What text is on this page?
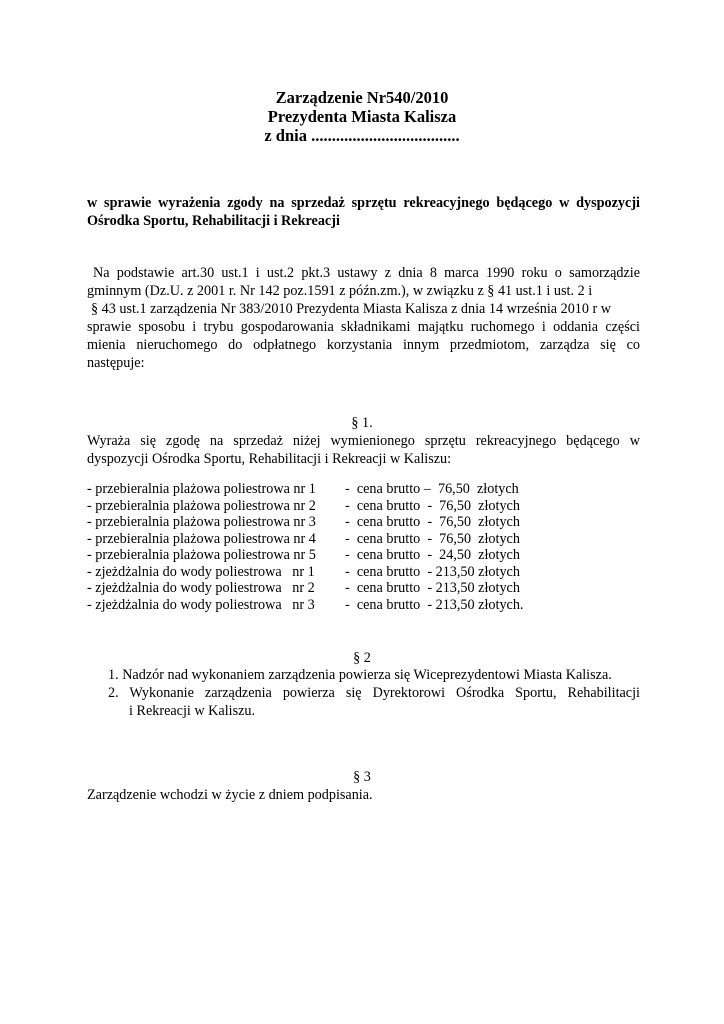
Zarządzenie Nr540/2010
Prezydenta Miasta Kalisza
z dnia ....................................
w sprawie wyrażenia zgody na sprzedaż sprzętu rekreacyjnego będącego w dyspozycji
Ośrodka Sportu, Rehabilitacji i Rekreacji
Na podstawie art.30 ust.1 i ust.2 pkt.3 ustawy z dnia 8 marca 1990 roku o samorządzie
gminnym (Dz.U. z 2001 r. Nr 142 poz.1591 z późn.zm.), w związku z § 41 ust.1 i ust. 2 i
§ 43 ust.1 zarządzenia Nr 383/2010 Prezydenta Miasta Kalisza z dnia 14 września 2010 r w
sprawie sposobu i trybu gospodarowania składnikami majątku ruchomego i oddania części
mienia nieruchomego do odpłatnego korzystania innym przedmiotom, zarządza się co
następuje:
§ 1.
Wyraża się zgodę na sprzedaż niżej wymienionego sprzętu rekreacyjnego będącego w
dyspozycji Ośrodka Sportu, Rehabilitacji i Rekreacji w Kaliszu:
- przebieralnia plażowa poliestrowa nr 1 -  cena brutto –  76,50  złotych
- przebieralnia plażowa poliestrowa nr 2 -  cena brutto  -  76,50  złotych
- przebieralnia plażowa poliestrowa nr 3 -  cena brutto  -  76,50  złotych
- przebieralnia plażowa poliestrowa nr 4 -  cena brutto  -  76,50  złotych
- przebieralnia plażowa poliestrowa nr 5 -  cena brutto  -  24,50  złotych
- zjeżdżalnia do wody poliestrowa   nr 1 -  cena brutto  - 213,50 złotych
- zjeżdżalnia do wody poliestrowa   nr 2 -  cena brutto  - 213,50 złotych
- zjeżdżalnia do wody poliestrowa   nr 3 -  cena brutto  - 213,50 złotych.
§ 2
1. Nadzór nad wykonaniem zarządzenia powierza się Wiceprezydentowi Miasta Kalisza.
2. Wykonanie zarządzenia powierza się Dyrektorowi Ośrodka Sportu, Rehabilitacji
i Rekreacji w Kaliszu.
§ 3
Zarządzenie wchodzi w życie z dniem podpisania.
